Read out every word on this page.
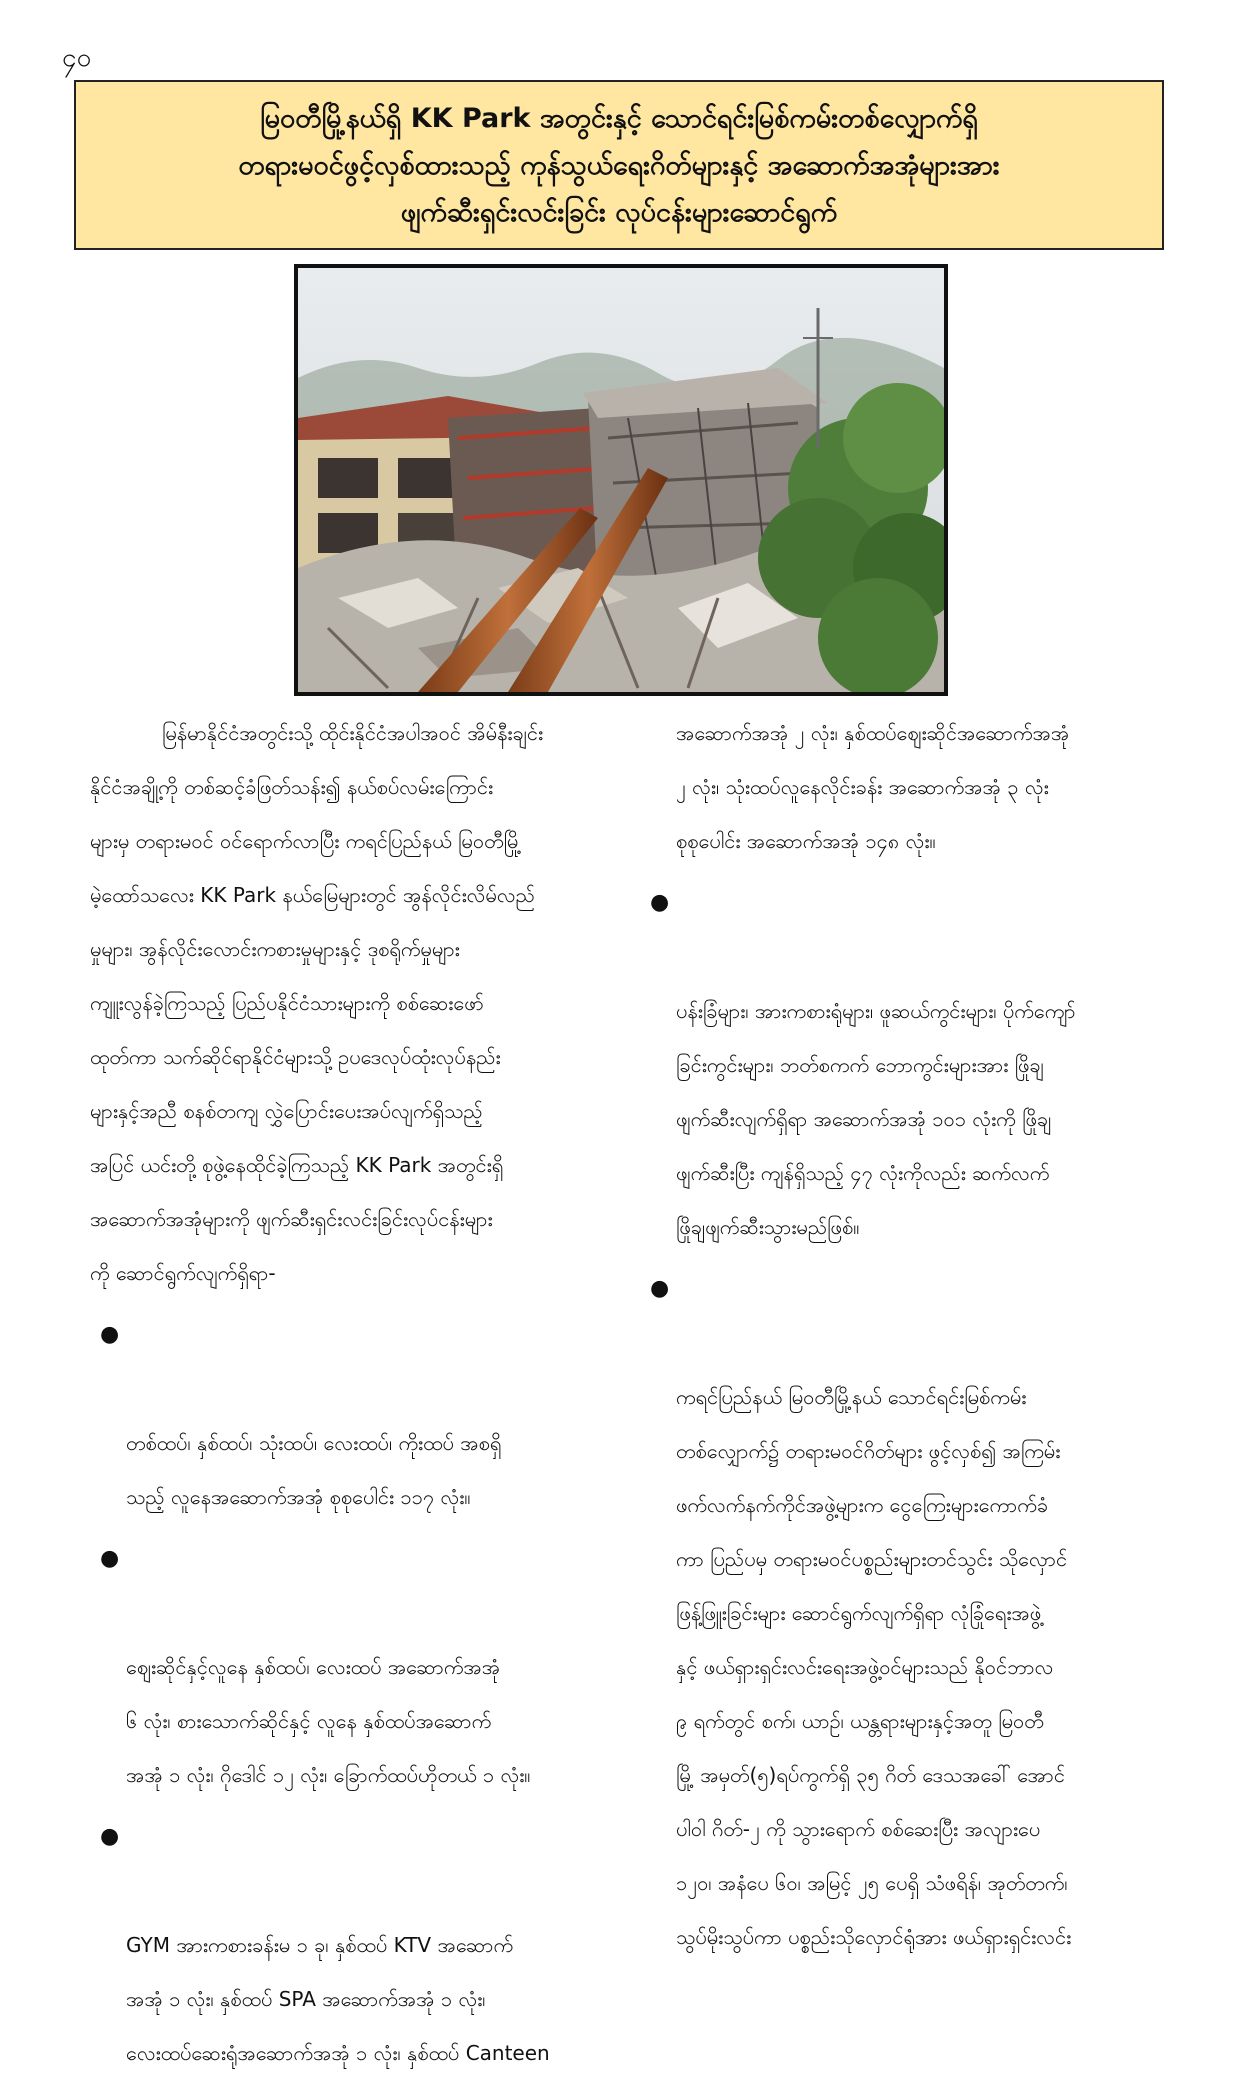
၄၀
မြဝတီမြို့နယ်ရှိ KK Park အတွင်းနှင့် သောင်ရင်းမြစ်ကမ်းတစ်လျှောက်ရှိ
တရားမဝင်ဖွင့်လှစ်ထားသည့် ကုန်သွယ်ရေးဂိတ်များနှင့် အဆောက်အအုံများအား
ဖျက်ဆီးရှင်းလင်းခြင်း လုပ်ငန်းများဆောင်ရွက်

မြန်မာနိုင်ငံအတွင်းသို့ ထိုင်းနိုင်ငံအပါအဝင် အိမ်နီးချင်း
နိုင်ငံအချို့ကို တစ်ဆင့်ခံဖြတ်သန်း၍ နယ်စပ်လမ်းကြောင်း
များမှ တရားမဝင် ဝင်ရောက်လာပြီး ကရင်ပြည်နယ် မြဝတီမြို့
မဲ့ထော်သလေး KK Park နယ်မြေများတွင် အွန်လိုင်းလိမ်လည်
မှုများ၊ အွန်လိုင်းလောင်းကစားမှုများနှင့် ဒုစရိုက်မှုများ
ကျူးလွန်ခဲ့ကြသည့် ပြည်ပနိုင်ငံသားများကို စစ်ဆေးဖော်
ထုတ်ကာ သက်ဆိုင်ရာနိုင်ငံများသို့ ဥပဒေလုပ်ထုံးလုပ်နည်း
များနှင့်အညီ စနစ်တကျ လွှဲပြောင်းပေးအပ်လျက်ရှိသည့်
အပြင် ယင်းတို့ စုဖွဲ့နေထိုင်ခဲ့ကြသည့် KK Park အတွင်းရှိ
အဆောက်အအုံများကို ဖျက်ဆီးရှင်းလင်းခြင်းလုပ်ငန်းများ
ကို ဆောင်ရွက်လျက်ရှိရာ-

●

တစ်ထပ်၊ နှစ်ထပ်၊ သုံးထပ်၊ လေးထပ်၊ ကိုးထပ် အစရှိ
သည့် လူနေအဆောက်အအုံ စုစုပေါင်း ၁၁၇ လုံး။

●

ဈေးဆိုင်နှင့်လူနေ နှစ်ထပ်၊ လေးထပ် အဆောက်အအုံ
၆ လုံး၊ စားသောက်ဆိုင်နှင့် လူနေ နှစ်ထပ်အဆောက်
အအုံ ၁ လုံး၊ ဂိုဒေါင် ၁၂ လုံး၊ ခြောက်ထပ်ဟိုတယ် ၁ လုံး။

●

GYM အားကစားခန်းမ ၁ ခု၊ နှစ်ထပ် KTV အဆောက်
အအုံ ၁ လုံး၊ နှစ်ထပ် SPA အဆောက်အအုံ ၁ လုံး၊
လေးထပ်ဆေးရုံအဆောက်အအုံ ၁ လုံး၊ နှစ်ထပ် Canteen

အဆောက်အအုံ ၂ လုံး၊ နှစ်ထပ်ဈေးဆိုင်အဆောက်အအုံ
၂ လုံး၊ သုံးထပ်လူနေလိုင်းခန်း အဆောက်အအုံ ၃ လုံး
စုစုပေါင်း အဆောက်အအုံ ၁၄၈ လုံး။

●

ပန်းခြံများ၊ အားကစားရုံများ၊ ဖူဆယ်ကွင်းများ၊ ပိုက်ကျော်
ခြင်းကွင်းများ၊ ဘတ်စကက် ဘောကွင်းများအား ဖြိုချ
ဖျက်ဆီးလျက်ရှိရာ အဆောက်အအုံ ၁၀၁ လုံးကို ဖြိုချ
ဖျက်ဆီးပြီး ကျန်ရှိသည့် ၄၇ လုံးကိုလည်း ဆက်လက်
ဖြိုချဖျက်ဆီးသွားမည်ဖြစ်။

●

ကရင်ပြည်နယ် မြဝတီမြို့နယ် သောင်ရင်းမြစ်ကမ်း
တစ်လျှောက်၌ တရားမဝင်ဂိတ်များ ဖွင့်လှစ်၍ အကြမ်း
ဖက်လက်နက်ကိုင်အဖွဲ့များက ငွေကြေးများကောက်ခံ
ကာ ပြည်ပမှ တရားမဝင်ပစ္စည်းများတင်သွင်း သိုလှောင်
ဖြန့်ဖြူးခြင်းများ ဆောင်ရွက်လျက်ရှိရာ လုံခြုံရေးအဖွဲ့
နှင့် ဖယ်ရှားရှင်းလင်းရေးအဖွဲ့ဝင်များသည် နိုဝင်ဘာလ
၉ ရက်တွင် စက်၊ ယာဉ်၊ ယန္တရားများနှင့်အတူ မြဝတီ
မြို့ အမှတ်(၅)ရပ်ကွက်ရှိ ၃၅ ဂိတ် ဒေသအခေါ် အောင်
ပါဝါ ဂိတ်-၂ ကို သွားရောက် စစ်ဆေးပြီး အလျားပေ
၁၂၀၊ အနံပေ ၆၀၊ အမြင့် ၂၅ ပေရှိ သံဖရိန်၊ အုတ်တက်၊
သွပ်မိုးသွပ်ကာ ပစ္စည်းသိုလှောင်ရုံအား ဖယ်ရှားရှင်းလင်း
